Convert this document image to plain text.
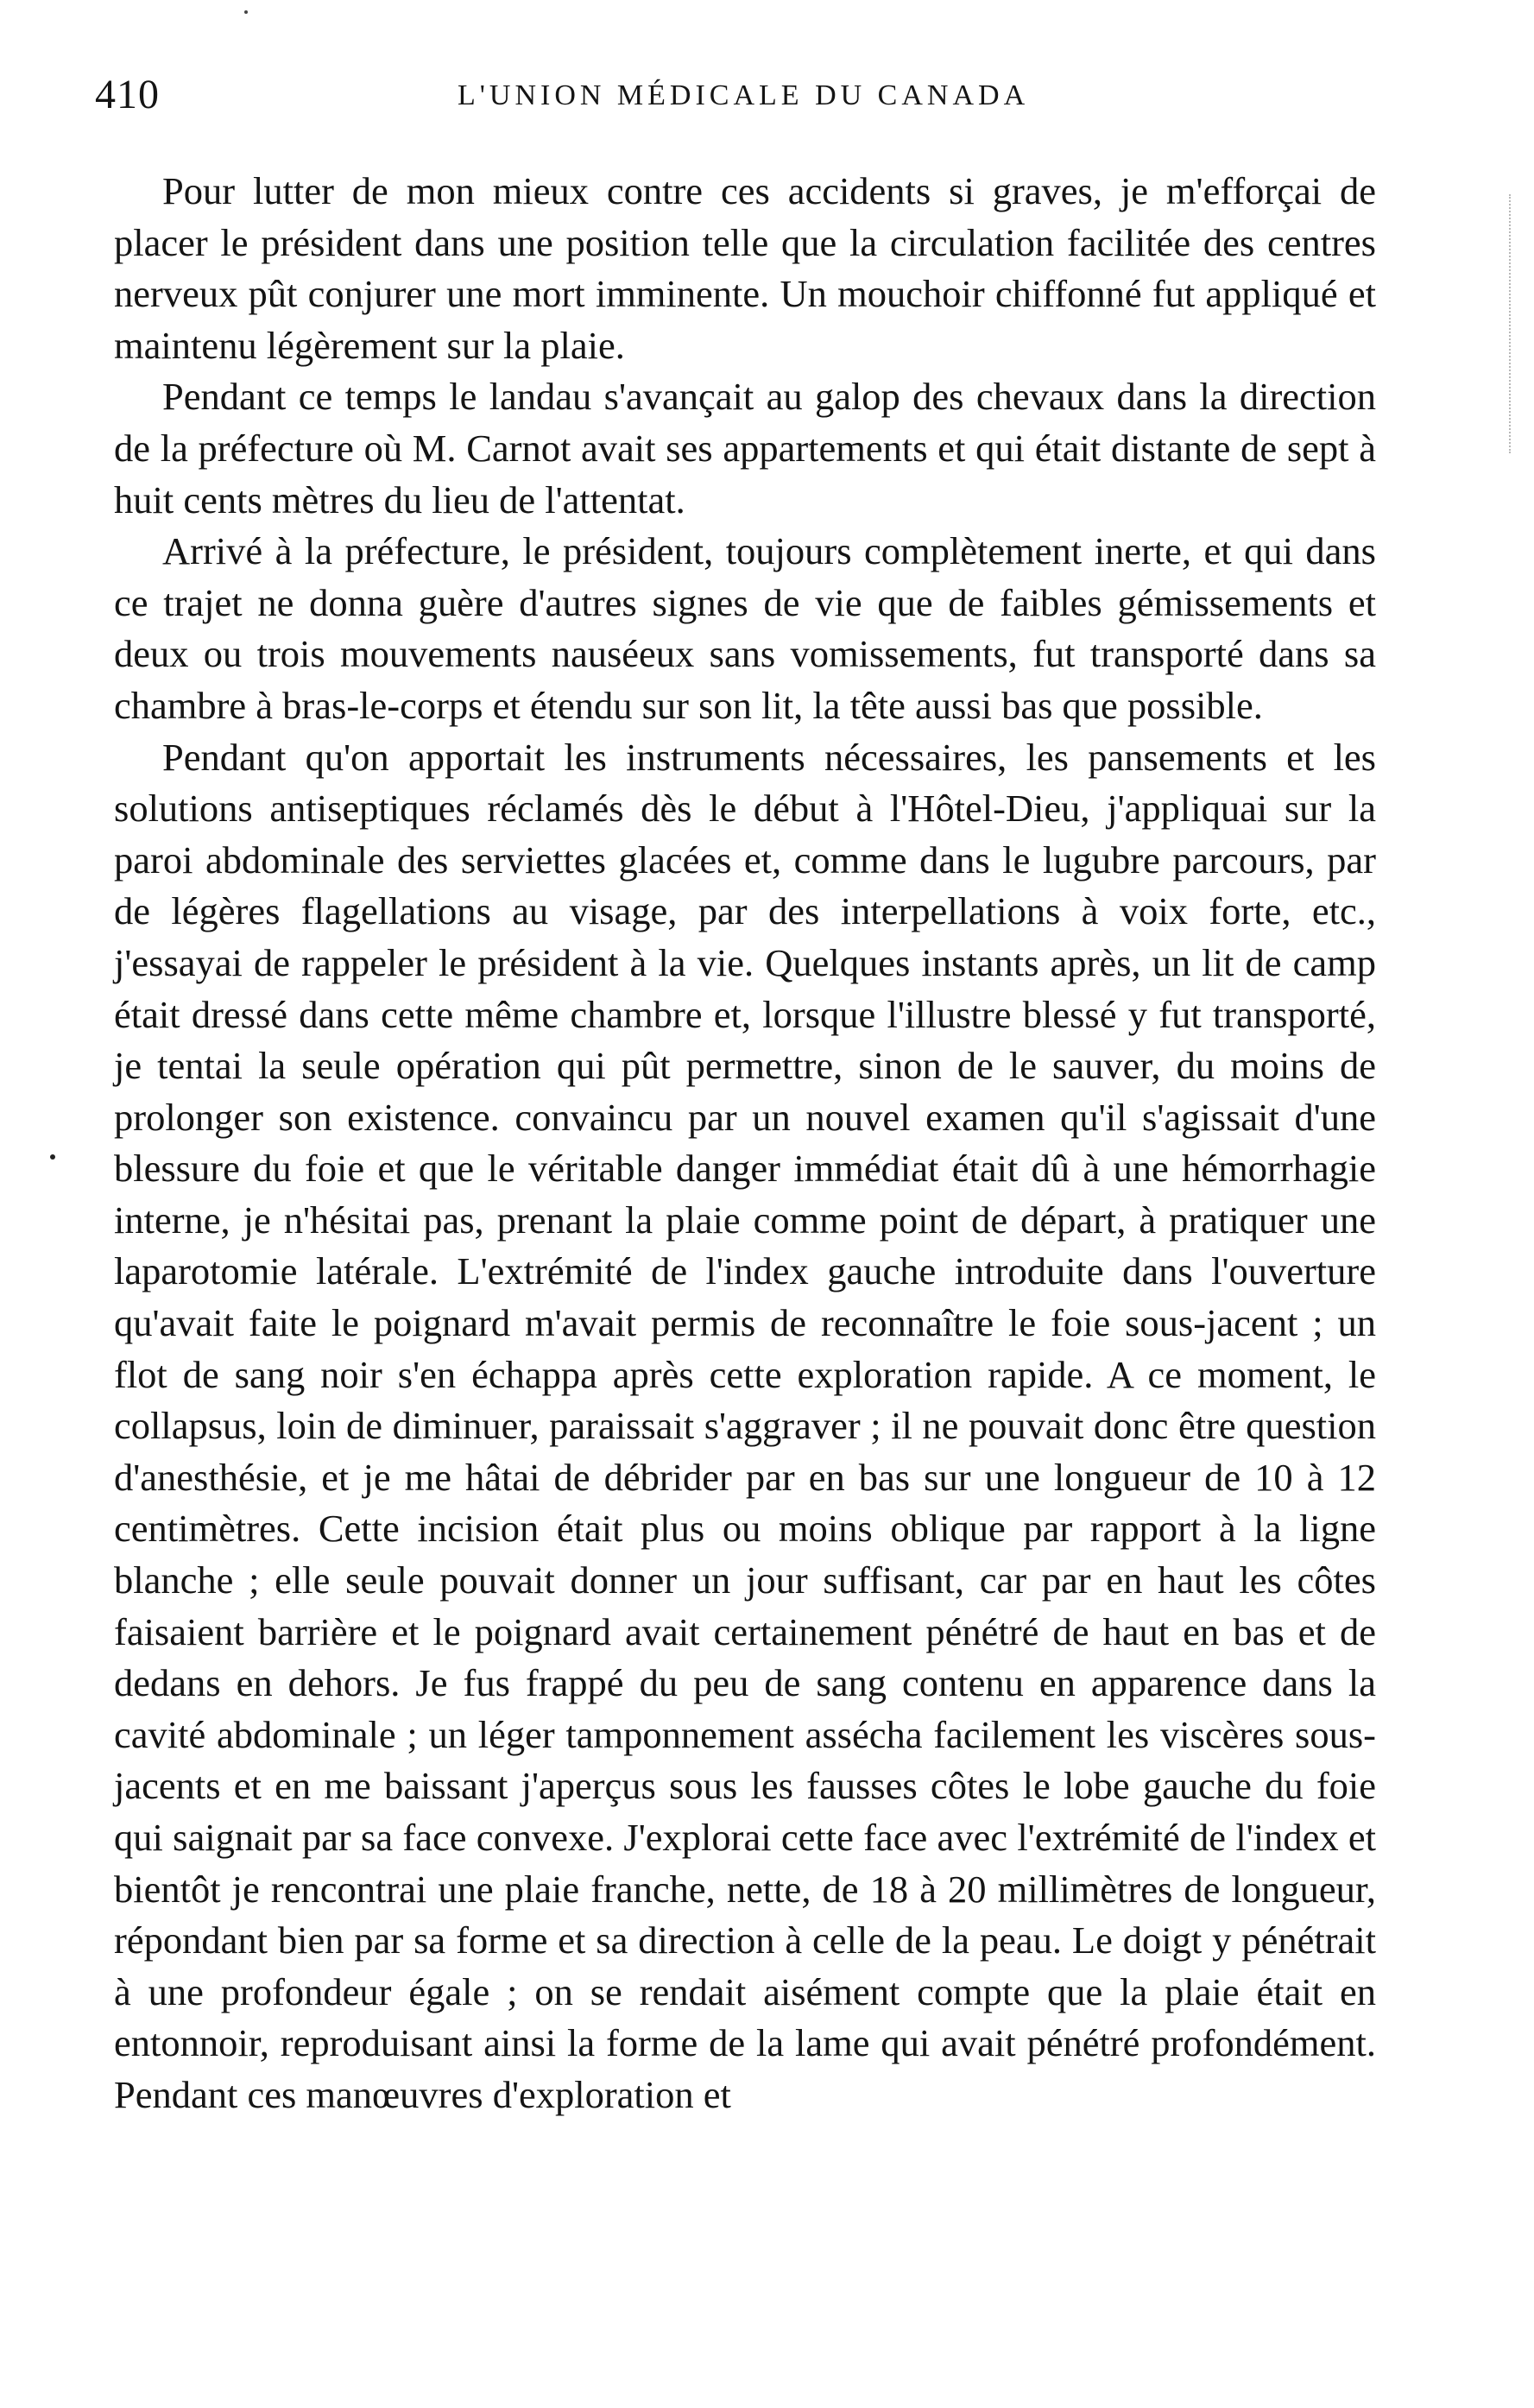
410	L'UNION MÉDICALE DU CANADA

Pour lutter de mon mieux contre ces accidents si graves, je m'efforçai de placer le président dans une position telle que la circulation facilitée des centres nerveux pût conjurer une mort imminente. Un mouchoir chiffonné fut appliqué et maintenu légèrement sur la plaie.

Pendant ce temps le landau s'avançait au galop des chevaux dans la direction de la préfecture où M. Carnot avait ses appartements et qui était distante de sept à huit cents mètres du lieu de l'attentat.

Arrivé à la préfecture, le président, toujours complètement inerte, et qui dans ce trajet ne donna guère d'autres signes de vie que de faibles gémissements et deux ou trois mouvements nauséeux sans vomissements, fut transporté dans sa chambre à bras-le-corps et étendu sur son lit, la tête aussi bas que possible.

Pendant qu'on apportait les instruments nécessaires, les pansements et les solutions antiseptiques réclamés dès le début à l'Hôtel-Dieu, j'appliquai sur la paroi abdominale des serviettes glacées et, comme dans le lugubre parcours, par de légères flagellations au visage, par des interpellations à voix forte, etc., j'essayai de rappeler le président à la vie. Quelques instants après, un lit de camp était dressé dans cette même chambre et, lorsque l'illustre blessé y fut transporté, je tentai la seule opération qui pût permettre, sinon de le sauver, du moins de prolonger son existence. convaincu par un nouvel examen qu'il s'agissait d'une blessure du foie et que le véritable danger immédiat était dû à une hémorrhagie interne, je n'hésitai pas, prenant la plaie comme point de départ, à pratiquer une laparotomie latérale. L'extrémité de l'index gauche introduite dans l'ouverture qu'avait faite le poignard m'avait permis de reconnaître le foie sous-jacent ; un flot de sang noir s'en échappa après cette exploration rapide. A ce moment, le collapsus, loin de diminuer, paraissait s'aggraver ; il ne pouvait donc être question d'anesthésie, et je me hâtai de débrider par en bas sur une longueur de 10 à 12 centimètres. Cette incision était plus ou moins oblique par rapport à la ligne blanche ; elle seule pouvait donner un jour suffisant, car par en haut les côtes faisaient barrière et le poignard avait certainement pénétré de haut en bas et de dedans en dehors. Je fus frappé du peu de sang contenu en apparence dans la cavité abdominale ; un léger tamponnement assécha facilement les viscères sous-jacents et en me baissant j'aperçus sous les fausses côtes le lobe gauche du foie qui saignait par sa face convexe. J'explorai cette face avec l'extrémité de l'index et bientôt je rencontrai une plaie franche, nette, de 18 à 20 millimètres de longueur, répondant bien par sa forme et sa direction à celle de la peau. Le doigt y pénétrait à une profondeur égale ; on se rendait aisément compte que la plaie était en entonnoir, reproduisant ainsi la forme de la lame qui avait pénétré profondément. Pendant ces manœuvres d'exploration et
